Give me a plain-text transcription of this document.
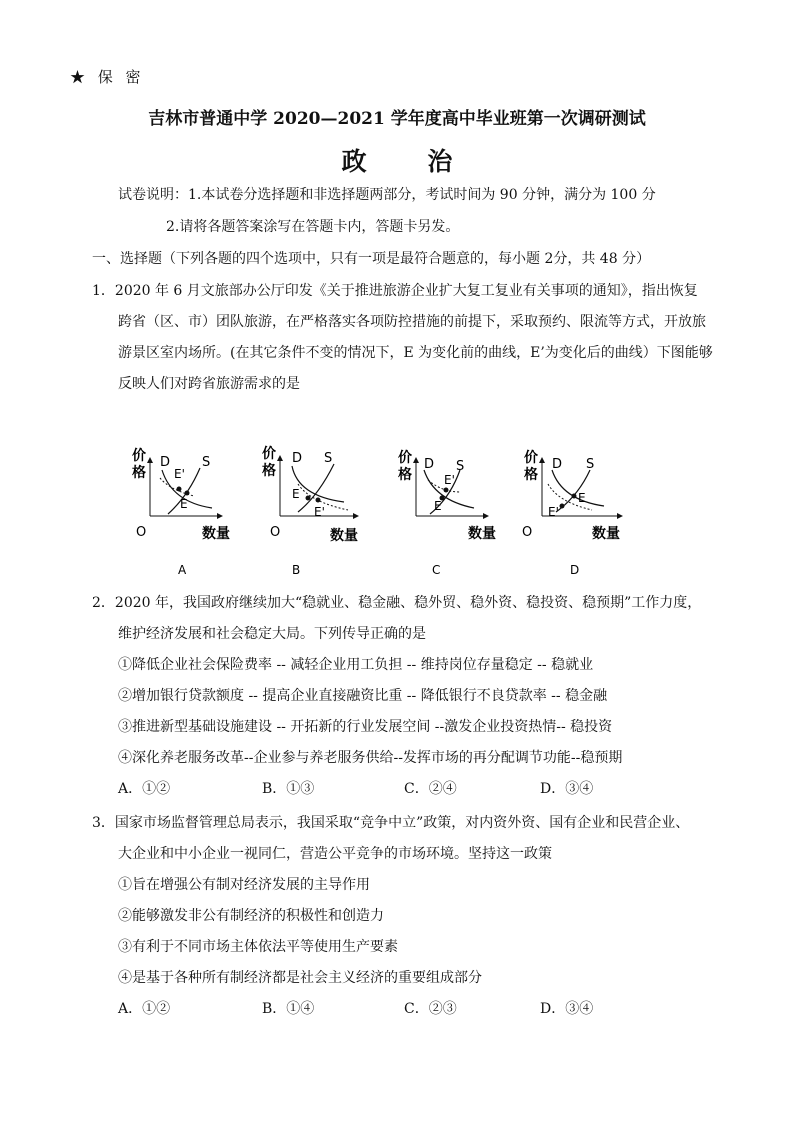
★ 保 密
吉林市普通中学 2020—2021 学年度高中毕业班第一次调研测试
政 治
试卷说明：1.本试卷分选择题和非选择题两部分，考试时间为 90 分钟，满分为 100 分
2.请将各题答案涂写在答题卡内，答题卡另发。
一、选择题（下列各题的四个选项中，只有一项是最符合题意的，每小题 2分，共 48 分）
1．2020 年 6 月文旅部办公厅印发《关于推进旅游企业扩大复工复业有关事项的通知》，指出恢复
跨省（区、市）团队旅游，在严格落实各项防控措施的前提下，采取预约、限流等方式，开放旅
游景区室内场所。(在其它条件不变的情况下，E 为变化前的曲线，E’为变化后的曲线）下图能够
反映人们对跨省旅游需求的是
价
格
O	数量
D S
E'
E
A
价
格
O	数量
D S
E
E'
B
价
格
数量
D S
E'
E
C
价
格
O	数量
D S
E
E'
D
2．2020 年，我国政府继续加大“稳就业、稳金融、稳外贸、稳外资、稳投资、稳预期”工作力度，
维护经济发展和社会稳定大局。下列传导正确的是
①降低企业社会保险费率 -- 减轻企业用工负担 -- 维持岗位存量稳定 -- 稳就业
②增加银行贷款额度 -- 提高企业直接融资比重 -- 降低银行不良贷款率 -- 稳金融
③推进新型基础设施建设 -- 开拓新的行业发展空间 --激发企业投资热情-- 稳投资
④深化养老服务改革--企业参与养老服务供给--发挥市场的再分配调节功能--稳预期
A．①②	B．①③	C．②④	D．③④
3．国家市场监督管理总局表示，我国采取“竞争中立”政策，对内资外资、国有企业和民营企业、
大企业和中小企业一视同仁，营造公平竞争的市场环境。坚持这一政策
①旨在增强公有制对经济发展的主导作用
②能够激发非公有制经济的积极性和创造力
③有利于不同市场主体依法平等使用生产要素
④是基于各种所有制经济都是社会主义经济的重要组成部分
A．①②	B．①④	C．②③	D．③④
